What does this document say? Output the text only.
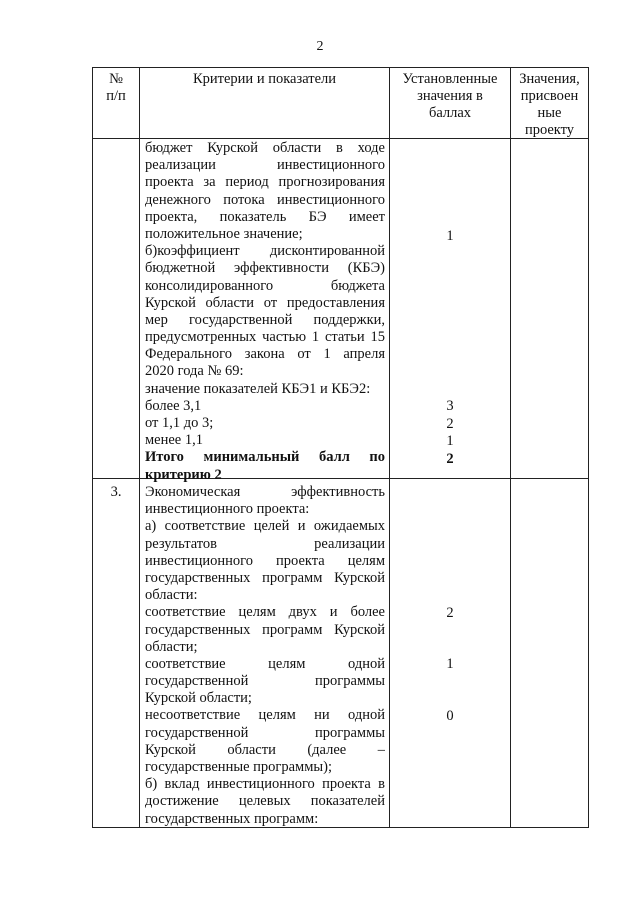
2
№
п/п
Критерии и показатели	Установленные
значения в
баллах
Значения,
присвоен
ные
проекту
бюджет Курской области в ходе
реализации инвестиционного
проекта за период прогнозирования
денежного потока инвестиционного
проекта, показатель БЭ имеет
положительное значение;
б)коэффициент дисконтированной
бюджетной эффективности (КБЭ)
консолидированного бюджета
Курской области от предоставления
мер государственной поддержки,
предусмотренных частью 1 статьи 15
Федерального закона от 1 апреля
2020 года № 69:
значение показателей КБЭ1 и КБЭ2:
более 3,1
от 1,1 до 3;
менее 1,1
Итого минимальный балл по
критерию 2
1
3
2
1
2
3.	Экономическая эффективность
инвестиционного проекта:
а) соответствие целей и ожидаемых
результатов реализации
инвестиционного проекта целям
государственных программ Курской
области:
соответствие целям двух и более
государственных программ Курской
области;
соответствие целям одной
государственной программы
Курской области;
несоответствие целям ни одной
государственной программы
Курской области (далее –
государственные программы);
б) вклад инвестиционного проекта в
достижение целевых показателей
государственных программ:
2
1
0
